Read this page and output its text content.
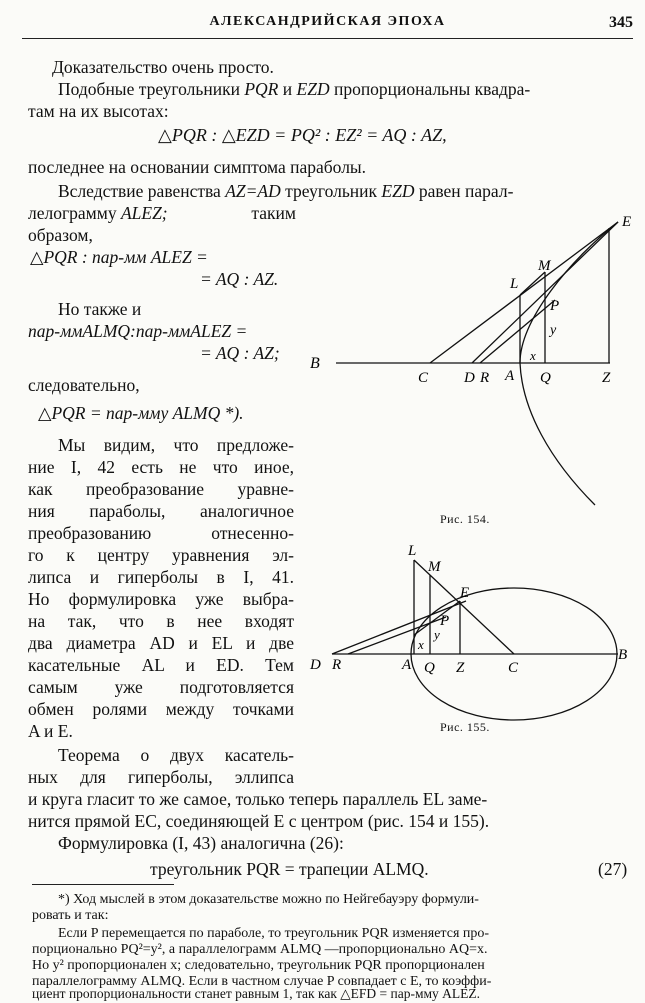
АЛЕКСАНДРИЙСКАЯ ЭПОХА	345
Доказательство очень просто.
Подобные треугольники PQR и EZD пропорциональны квадра-
там на их высотах:
△PQR : △EZD = PQ² : EZ² = AQ : AZ,
последнее на основании симптома параболы.
Вследствие равенства AZ=AD треугольник EZD равен парал-
лелограмму ALEZ;	таким
образом,
△PQR : пар-мм ALEZ =
= AQ : AZ.
Но также и
пар-ммALMQ:пар-ммALEZ =
= AQ : AZ;
следовательно,
△PQR = пар-мму ALMQ *).
Мы видим, что предложе-
ние I, 42 есть не что иное,
как преобразование уравне-
ния параболы, аналогичное
преобразованию отнесенно-
го к центру уравнения эл-
липса и гиперболы в I, 41.
Но формулировка уже выбра-
на так, что в нее входят
два диаметра AD и EL и две
касательные AL и ED. Тем
самым уже подготовляется
обмен ролями между точками
A и E.
Теорема о двух касатель-
ных для гиперболы, эллипса
и круга гласит то же самое, только теперь параллель EL заме-
нится прямой EC, соединяющей E с центром (рис. 154 и 155).
Формулировка (I, 43) аналогична (26):
треугольник PQR = трапеции ALMQ.	(27)
*) Ход мыслей в этом доказательстве можно по Нейгебауэру формули-
ровать и так:
Если P перемещается по параболе, то треугольник PQR изменяется про-
порционально PQ²=y², а параллелограмм ALMQ —пропорционально AQ=x.
Но y² пропорционален x; следовательно, треугольник PQR пропорционален
параллелограмму ALMQ. Если в частном случае P совпадает с E, то коэффи-
циент пропорциональности станет равным 1, так как △EFD = пар-мму ALEZ.
B
E
M
L
P
y
x
C D R A Q	Z
Рис. 154.
L
M
E
P
y
x
D R	A Q Z	C
B
Рис. 155.
